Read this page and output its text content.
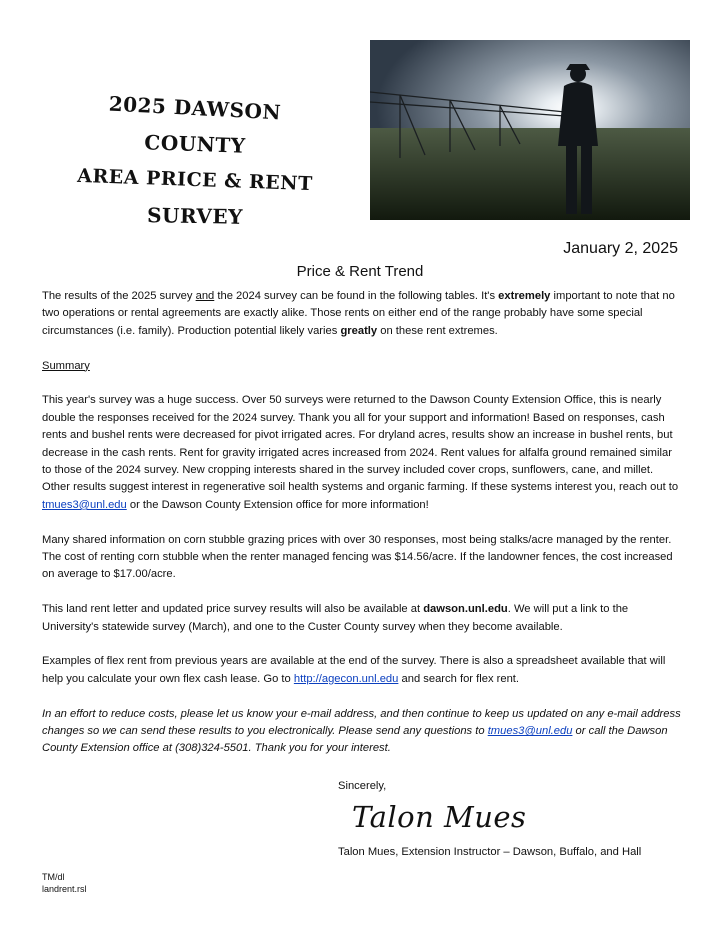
2025 DAWSON
COUNTY
AREA PRICE & RENT
SURVEY
January 2, 2025
Price & Rent Trend

The results of the 2025 survey and the 2024 survey can be found in the following tables. It's extremely important to note that no two operations or rental agreements are exactly alike. Those rents on either end of the range probably have some special circumstances (i.e. family). Production potential likely varies greatly on these rent extremes.

Summary

This year's survey was a huge success. Over 50 surveys were returned to the Dawson County Extension Office, this is nearly double the responses received for the 2024 survey. Thank you all for your support and information! Based on responses, cash rents and bushel rents were decreased for pivot irrigated acres. For dryland acres, results show an increase in bushel rents, but decrease in the cash rents. Rent for gravity irrigated acres increased from 2024. Rent values for alfalfa ground remained similar to those of the 2024 survey. New cropping interests shared in the survey included cover crops, sunflowers, cane, and millet. Other results suggest interest in regenerative soil health systems and organic farming. If these systems interest you, reach out to tmues3@unl.edu or the Dawson County Extension office for more information!

Many shared information on corn stubble grazing prices with over 30 responses, most being stalks/acre managed by the renter. The cost of renting corn stubble when the renter managed fencing was $14.56/acre. If the landowner fences, the cost increased on average to $17.00/acre.

This land rent letter and updated price survey results will also be available at dawson.unl.edu. We will put a link to the University's statewide survey (March), and one to the Custer County survey when they become available.

Examples of flex rent from previous years are available at the end of the survey. There is also a spreadsheet available that will help you calculate your own flex cash lease. Go to http://agecon.unl.edu and search for flex rent.

In an effort to reduce costs, please let us know your e-mail address, and then continue to keep us updated on any e-mail address changes so we can send these results to you electronically. Please send any questions to tmues3@unl.edu or call the Dawson County Extension office at (308)324-5501. Thank you for your interest.

Sincerely,
Talon Mues
Talon Mues, Extension Instructor – Dawson, Buffalo, and Hall
TM/dl
landrent.rsl
